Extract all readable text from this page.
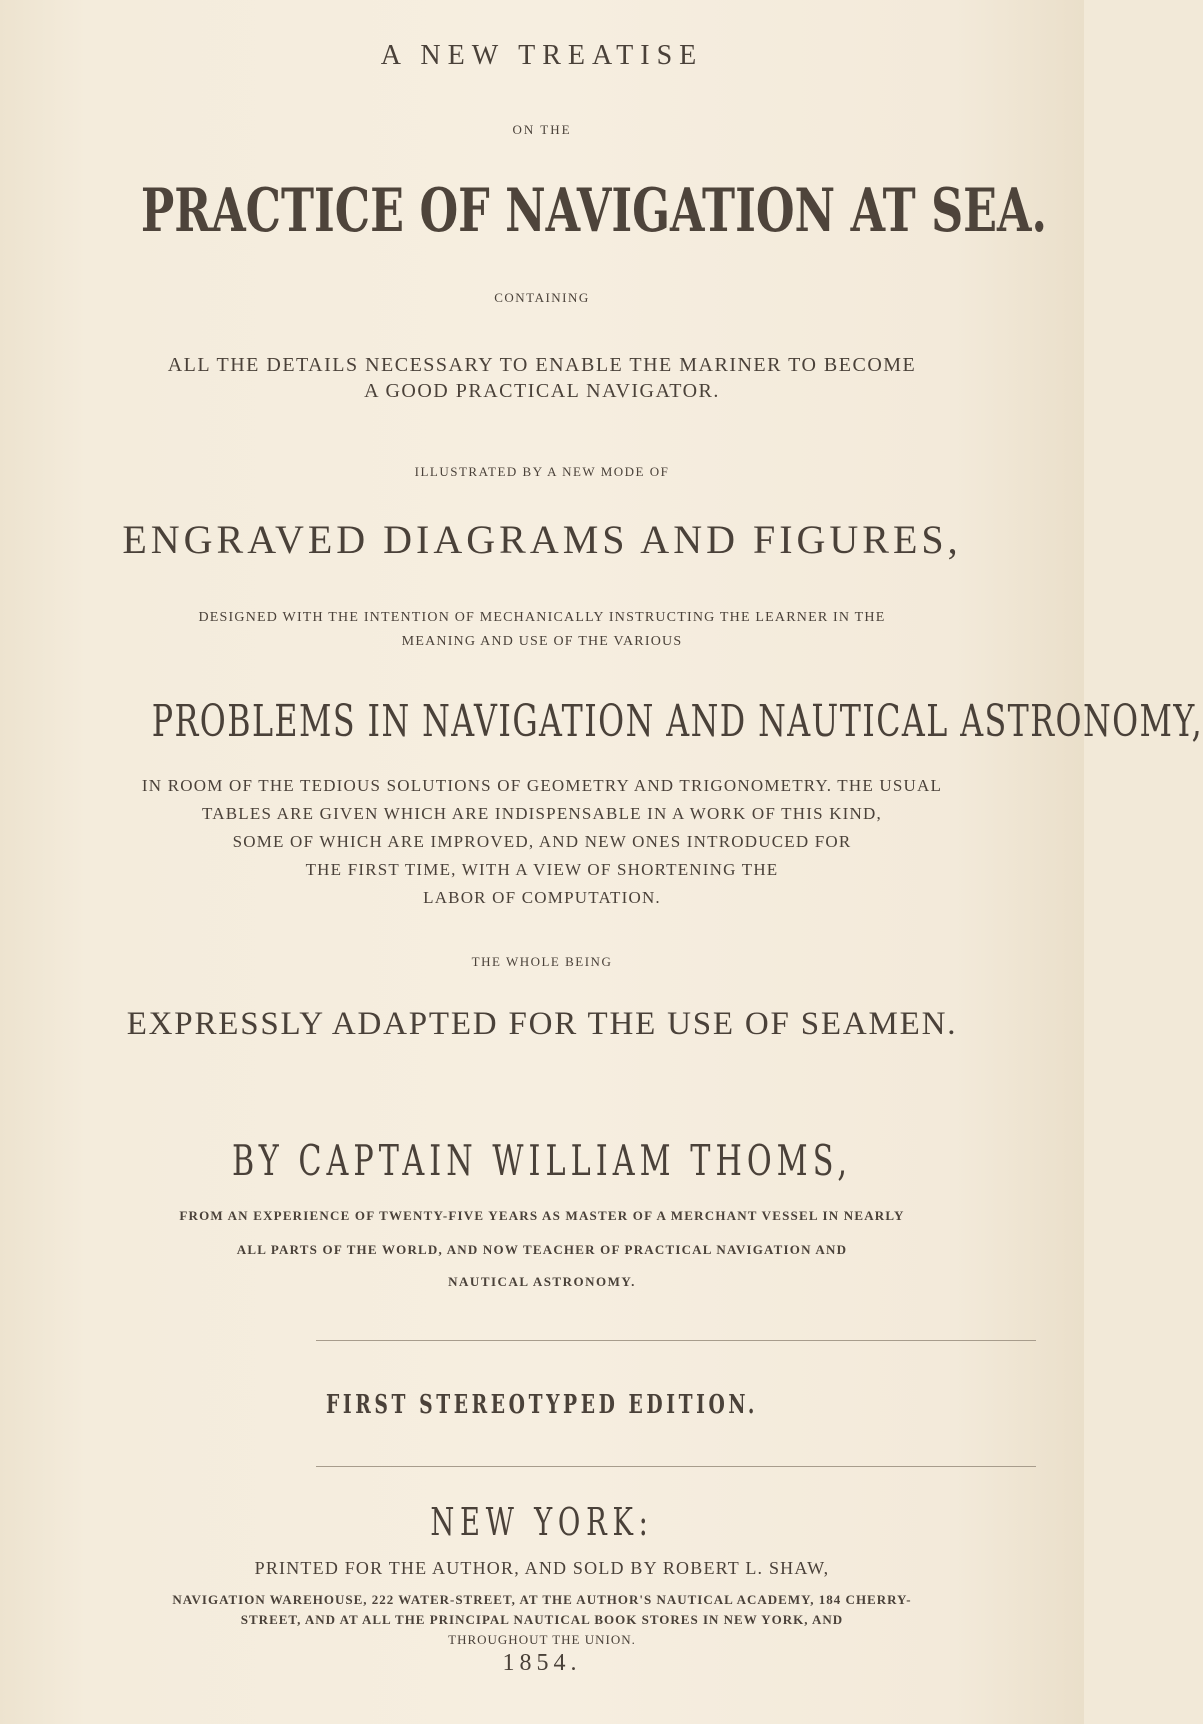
A NEW TREATISE
ON THE
PRACTICE OF NAVIGATION AT SEA.
CONTAINING
ALL THE DETAILS NECESSARY TO ENABLE THE MARINER TO BECOME
A GOOD PRACTICAL NAVIGATOR.
ILLUSTRATED BY A NEW MODE OF
ENGRAVED DIAGRAMS AND FIGURES,
DESIGNED WITH THE INTENTION OF MECHANICALLY INSTRUCTING THE LEARNER IN THE
MEANING AND USE OF THE VARIOUS
PROBLEMS IN NAVIGATION AND NAUTICAL ASTRONOMY,
IN ROOM OF THE TEDIOUS SOLUTIONS OF GEOMETRY AND TRIGONOMETRY. THE USUAL
TABLES ARE GIVEN WHICH ARE INDISPENSABLE IN A WORK OF THIS KIND,
SOME OF WHICH ARE IMPROVED, AND NEW ONES INTRODUCED FOR
THE FIRST TIME, WITH A VIEW OF SHORTENING THE
LABOR OF COMPUTATION.
THE WHOLE BEING
EXPRESSLY ADAPTED FOR THE USE OF SEAMEN.
BY CAPTAIN WILLIAM THOMS,
FROM AN EXPERIENCE OF TWENTY-FIVE YEARS AS MASTER OF A MERCHANT VESSEL IN NEARLY
ALL PARTS OF THE WORLD, AND NOW TEACHER OF PRACTICAL NAVIGATION AND
NAUTICAL ASTRONOMY.
FIRST STEREOTYPED EDITION.
NEW YORK:
PRINTED FOR THE AUTHOR, AND SOLD BY ROBERT L. SHAW,
NAVIGATION WAREHOUSE, 222 WATER-STREET, AT THE AUTHOR'S NAUTICAL ACADEMY, 184 CHERRY-
STREET, AND AT ALL THE PRINCIPAL NAUTICAL BOOK STORES IN NEW YORK, AND
THROUGHOUT THE UNION.
1854.
